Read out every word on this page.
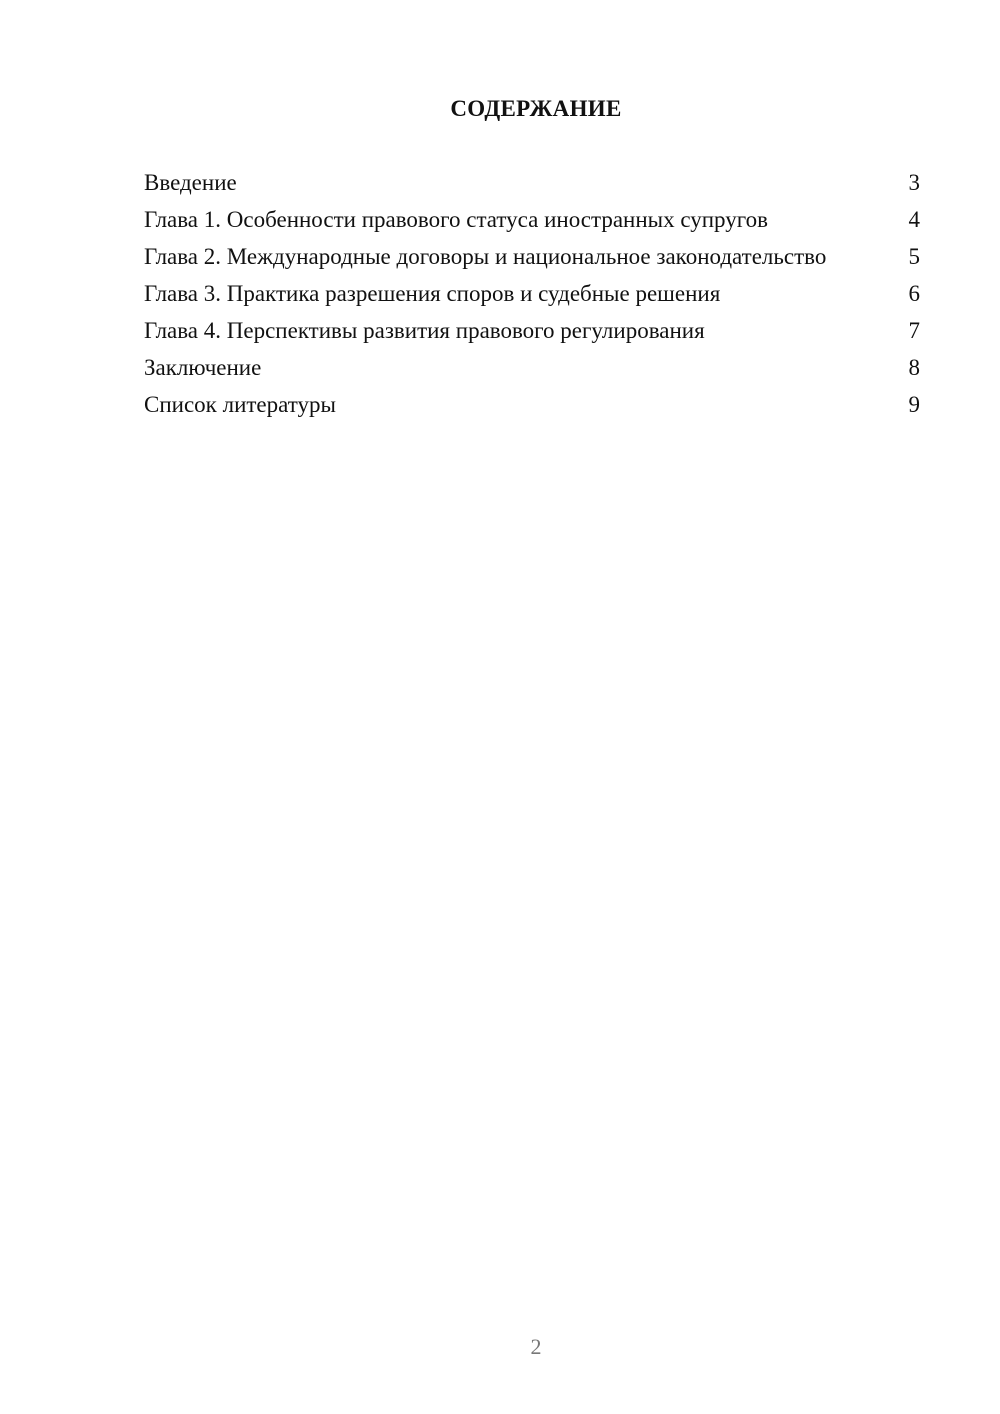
СОДЕРЖАНИЕ
Введение	3
Глава 1. Особенности правового статуса иностранных супругов	4
Глава 2. Международные договоры и национальное законодательство	5
Глава 3. Практика разрешения споров и судебные решения	6
Глава 4. Перспективы развития правового регулирования	7
Заключение	8
Список литературы	9
2
